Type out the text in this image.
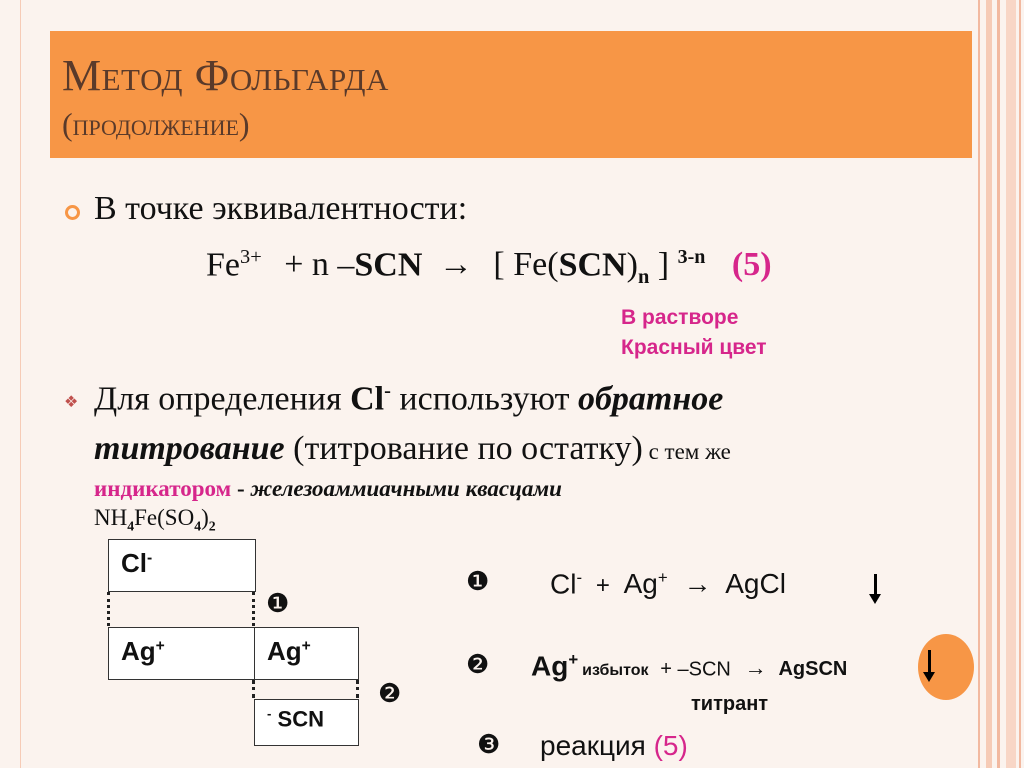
Метод Фольгарда
(продолжение)
В точке эквивалентности:
$Fe^{3+} + n$ –SCN → [ $Fe(SCN)_n$ ] $^{3-n}$ (5)
В растворе
Красный цвет
❖ Для определения Cl- используют обратное
титрование (титрование по остатку) с тем же
индикатором - железоаммиачными квасцами
$NH_4Fe(SO_4)_2$
Cl-
❶
Ag+	Ag+
❷
- SCN
❶ Cl- + Ag+ → AgCl
❷ Ag+избыток + –SCN → AgSCN
титрант
❸ реакция (5)
